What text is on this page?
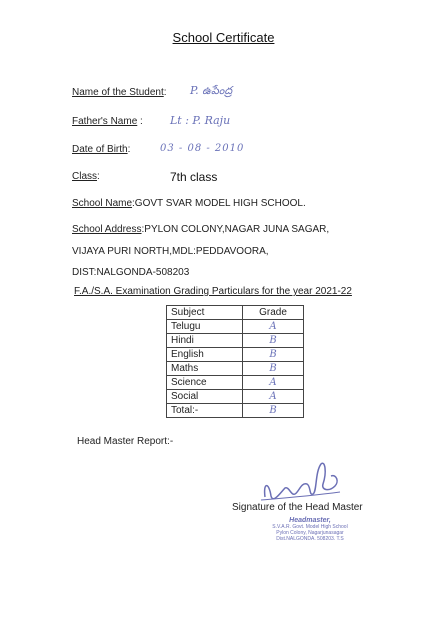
School Certificate
Name of the Student: P. ఉపేంద్ర
Father's Name : Lt : P. Raju
Date of Birth:	03 - 08 - 2010
Class:	7th class
School Name:GOVT SVAR MODEL HIGH SCHOOL.
School Address:PYLON COLONY,NAGAR JUNA SAGAR,
VIJAYA PURI NORTH,MDL:PEDDAVOORA,
DIST:NALGONDA-508203
F.A./S.A. Examination Grading Particulars for the year 2021-22
Subject	Grade
Telugu	A
Hindi	B
English	B
Maths	B
Science	A
Social	A
Total:-	B
Head Master Report:-
Signature of the Head Master
Headmaster,
S.V.A.R. Govt. Model High School
Pylon Colony, Nagarjunasagar
Dist.NALGONDA. 508203. T.S
